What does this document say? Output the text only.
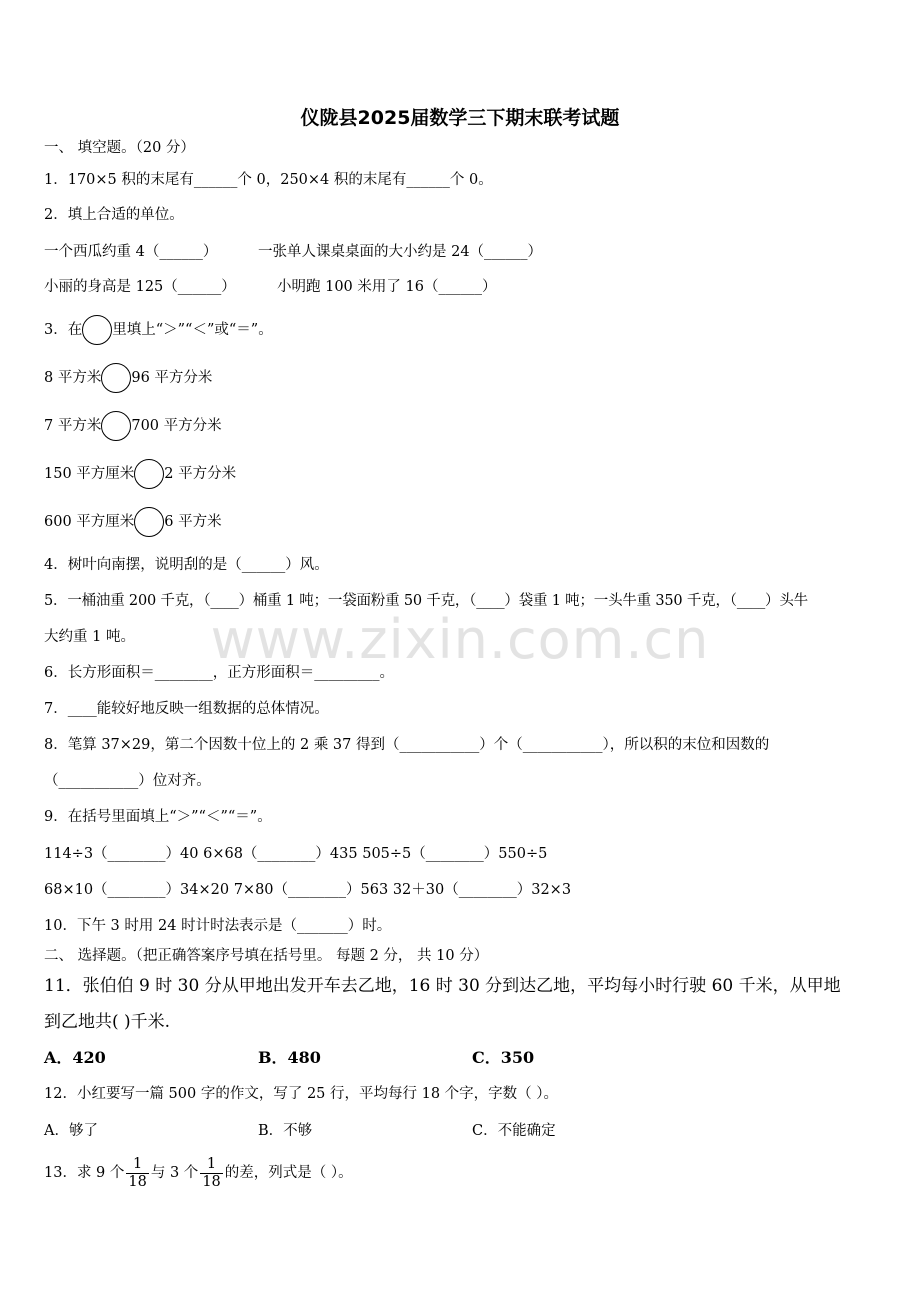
www.zixin.com.cn
仪陇县2025届数学三下期末联考试题
一、 填空题。（20 分）
1．170×5 积的末尾有______个 0，250×4 积的末尾有______个 0。
2．填上合适的单位。
一个西瓜约重 4（______）	一张单人课桌桌面的大小约是 24（______）
小丽的身高是 125（______）	小明跑 100 米用了 16（______）
3．在 里填上“＞”“＜”或“＝”。
8 平方米 96 平方分米
7 平方米 700 平方分米
150 平方厘米 2 平方分米
600 平方厘米 6 平方米
4．树叶向南摆，说明刮的是（______）风。
5．一桶油重 200 千克，（____）桶重 1 吨；一袋面粉重 50 千克，（____）袋重 1 吨；一头牛重 350 千克，（____）头牛
大约重 1 吨。
6．长方形面积＝________，正方形面积＝_________。
7．____能较好地反映一组数据的总体情况。
8．笔算 37×29，第二个因数十位上的 2 乘 37 得到（___________）个（___________），所以积的末位和因数的
（___________）位对齐。
9．在括号里面填上“＞”“＜”“＝”。
114÷3（________）40 6×68（________）435 505÷5（________）550÷5
68×10（________）34×20 7×80（________）563 32＋30（________）32×3
10．下午 3 时用 24 时计时法表示是（_______）时。
二、 选择题。（把正确答案序号填在括号里。 每题 2 分， 共 10 分）
11．张伯伯 9 时 30 分从甲地出发开车去乙地，16 时 30 分到达乙地，平均每小时行驶 60 千米，从甲地
到乙地共( )千米.
A．420	B．480	C．350
12．小红要写一篇 500 字的作文，写了 25 行，平均每行 18 个字，字数（ ）。
A．够了	B．不够	C．不能确定
13．求 9 个 $\frac{1}{18}$ 与 3 个 $\frac{1}{18}$ 的差，列式是（ ）。
